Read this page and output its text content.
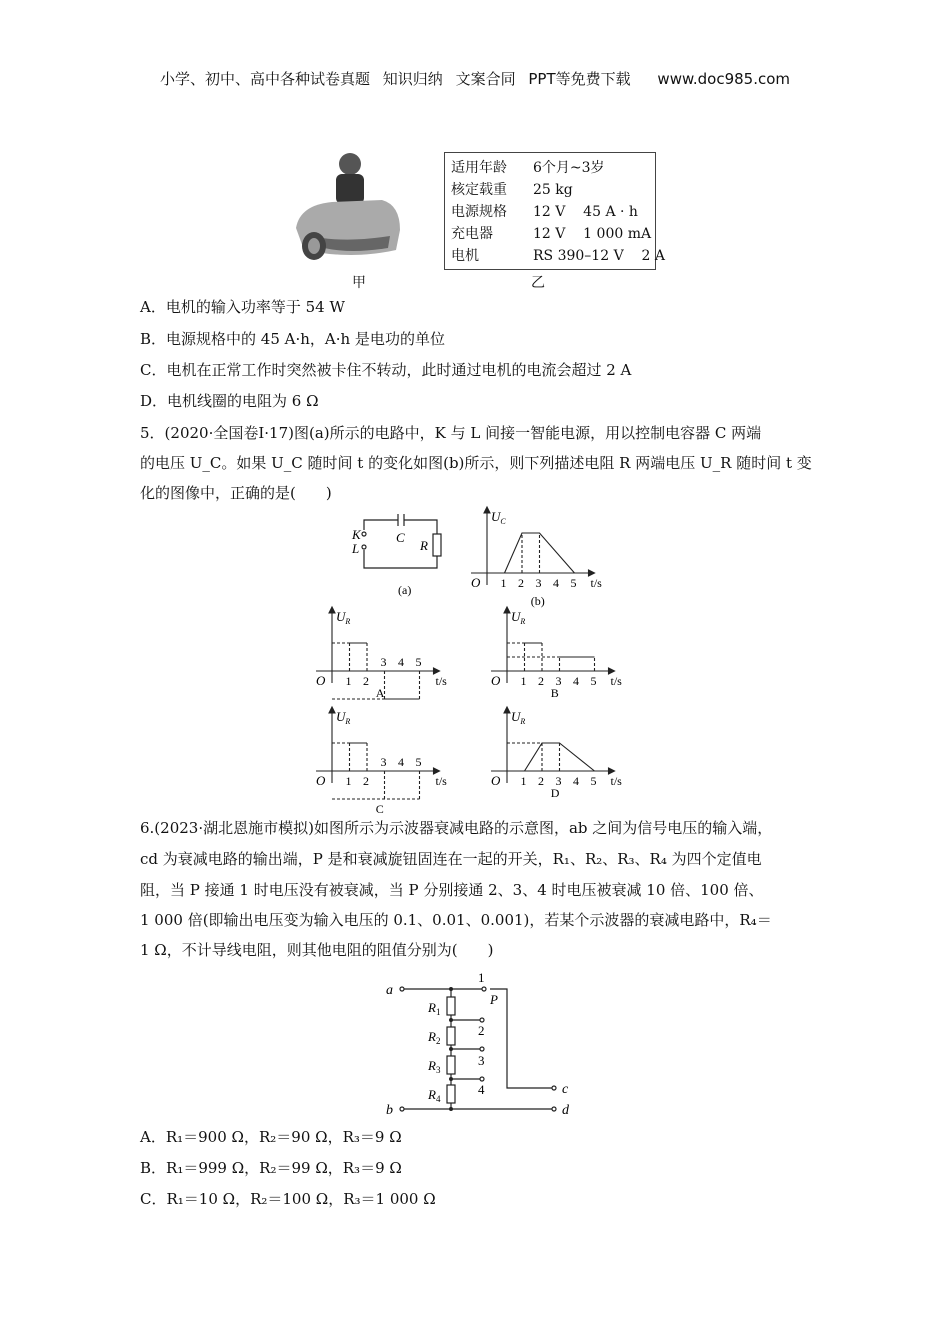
小学、初中、高中各种试卷真题 知识归纳 文案合同 PPT等免费下载 www.doc985.com
适用年龄	6个月~3岁
核定载重	25 kg
电源规格	12 V    45 A · h
充电器	12 V    1 000 mA
电机	RS 390–12 V    2 A
甲	乙
A．电机的输入功率等于 54 W
B．电源规格中的 45 A·h，A·h 是电功的单位
C．电机在正常工作时突然被卡住不转动，此时通过电机的电流会超过 2 A
D．电机线圈的电阻为 6 Ω
5．(2020·全国卷Ⅰ·17)图(a)所示的电路中，K 与 L 间接一智能电源，用以控制电容器 C 两端
的电压 U_C。如果 U_C 随时间 t 的变化如图(b)所示，则下列描述电阻 R 两端电压 U_R 随时间 t 变
化的图像中，正确的是(　　)
K
L
C
R
(a)
$U_C$
O	t/s
1 2 3 4 5
(b)
$U_R$
O	t/s
1 2
3 4 5
A
$U_R$
O	t/s
1 2 3 4 5
B
$U_R$
O	t/s
1 2
3 4 5
C
$U_R$
O	t/s
1 2 3 4 5
D
6.(2023·湖北恩施市模拟)如图所示为示波器衰减电路的示意图，ab 之间为信号电压的输入端，
cd 为衰减电路的输出端，P 是和衰减旋钮固连在一起的开关，R₁、R₂、R₃、R₄ 为四个定值电
阻，当 P 接通 1 时电压没有被衰减，当 P 分别接通 2、3、4 时电压被衰减 10 倍、100 倍、
1 000 倍(即输出电压变为输入电压的 0.1、0.01、0.001)，若某个示波器的衰减电路中，R₄＝
1 Ω，不计导线电阻，则其他电阻的阻值分别为(　　)
a
b
c
d
P
1
2
3
4
$R_1$
$R_2$
$R_3$
$R_4$
A．R₁＝900 Ω，R₂＝90 Ω，R₃＝9 Ω
B．R₁＝999 Ω，R₂＝99 Ω，R₃＝9 Ω
C．R₁＝10 Ω，R₂＝100 Ω，R₃＝1 000 Ω
